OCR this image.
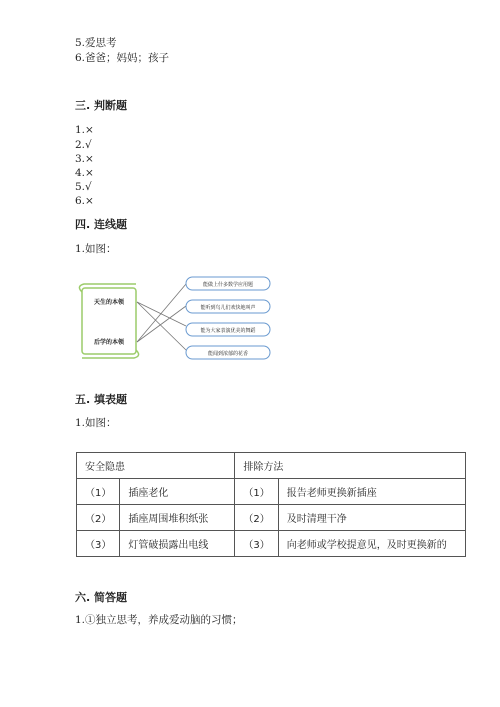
5.爱思考
6.爸爸；妈妈；孩子
三. 判断题
1.×
2.√
3.×
4.×
5.√
6.×
四. 连线题
1.如图：
天生的本领
后学的本领
能做上什多数学应用题
能听到鸟儿们欢快地叫声
能为大家表演优美的舞蹈
能闻到浓郁的花香
五. 填表题
1.如图：
安全隐患		排除方法	
（1）	插座老化	（1）	报告老师更换新插座
（2）	插座周围堆积纸张	（2）	及时清理干净
（3）	灯管破损露出电线	（3）	向老师或学校提意见，及时更换新的
六. 简答题
1.①独立思考，养成爱动脑的习惯；
